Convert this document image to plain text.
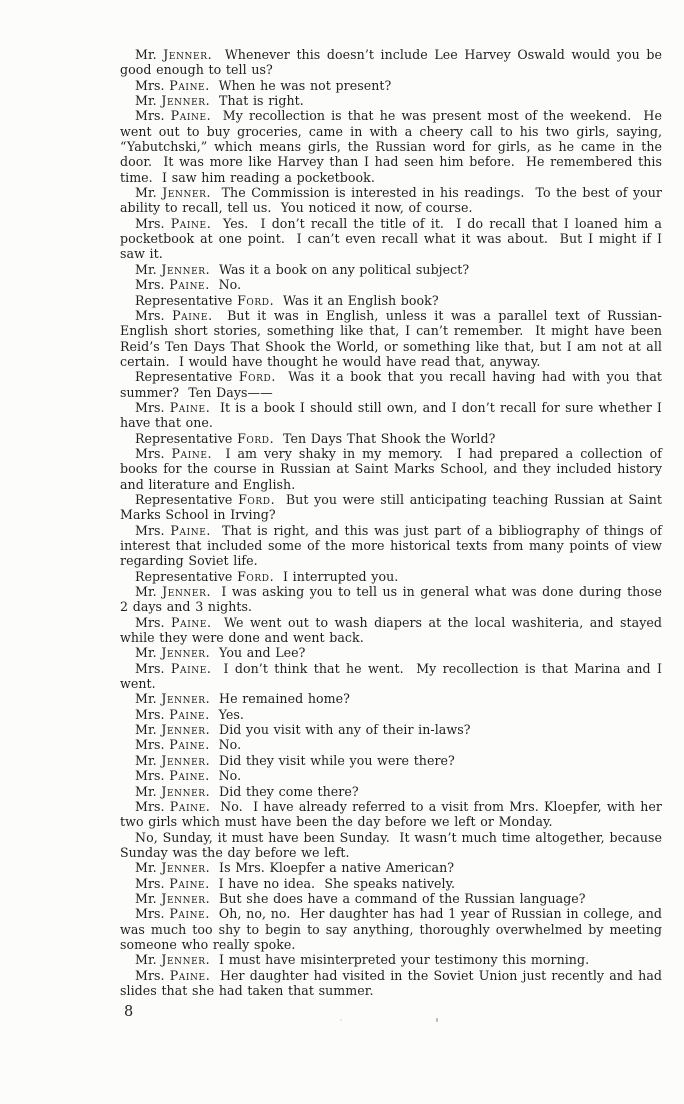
Mr. Jenner.  Whenever this doesn’t include Lee Harvey Oswald would you be good enough to tell us?

Mrs. Paine.  When he was not present?

Mr. Jenner.  That is right.

Mrs. Paine.  My recollection is that he was present most of the weekend.  He went out to buy groceries, came in with a cheery call to his two girls, saying, “Yabutchski,” which means girls, the Russian word for girls, as he came in the door.  It was more like Harvey than I had seen him before.  He remembered this time.  I saw him reading a pocketbook.

Mr. Jenner.  The Commission is interested in his readings.  To the best of your ability to recall, tell us.  You noticed it now, of course.

Mrs. Paine.  Yes.  I don’t recall the title of it.  I do recall that I loaned him a pocketbook at one point.  I can’t even recall what it was about.  But I might if I saw it.

Mr. Jenner.  Was it a book on any political subject?

Mrs. Paine.  No.

Representative Ford.  Was it an English book?

Mrs. Paine.  But it was in English, unless it was a parallel text of Russian-English short stories, something like that, I can’t remember.  It might have been Reid’s Ten Days That Shook the World, or something like that, but I am not at all certain.  I would have thought he would have read that, anyway.

Representative Ford.  Was it a book that you recall having had with you that summer?  Ten Days——

Mrs. Paine.  It is a book I should still own, and I don’t recall for sure whether I have that one.

Representative Ford.  Ten Days That Shook the World?

Mrs. Paine.  I am very shaky in my memory.  I had prepared a collection of books for the course in Russian at Saint Marks School, and they included history and literature and English.

Representative Ford.  But you were still anticipating teaching Russian at Saint Marks School in Irving?

Mrs. Paine.  That is right, and this was just part of a bibliography of things of interest that included some of the more historical texts from many points of view regarding Soviet life.

Representative Ford.  I interrupted you.

Mr. Jenner.  I was asking you to tell us in general what was done during those 2 days and 3 nights.

Mrs. Paine.  We went out to wash diapers at the local washiteria, and stayed while they were done and went back.

Mr. Jenner.  You and Lee?

Mrs. Paine.  I don’t think that he went.  My recollection is that Marina and I went.

Mr. Jenner.  He remained home?

Mrs. Paine.  Yes.

Mr. Jenner.  Did you visit with any of their in-laws?

Mrs. Paine.  No.

Mr. Jenner.  Did they visit while you were there?

Mrs. Paine.  No.

Mr. Jenner.  Did they come there?

Mrs. Paine.  No.  I have already referred to a visit from Mrs. Kloepfer, with her two girls which must have been the day before we left or Monday.

No, Sunday, it must have been Sunday.  It wasn’t much time altogether, because Sunday was the day before we left.

Mr. Jenner.  Is Mrs. Kloepfer a native American?

Mrs. Paine.  I have no idea.  She speaks natively.

Mr. Jenner.  But she does have a command of the Russian language?

Mrs. Paine.  Oh, no, no.  Her daughter has had 1 year of Russian in college, and was much too shy to begin to say anything, thoroughly overwhelmed by meeting someone who really spoke.

Mr. Jenner.  I must have misinterpreted your testimony this morning.

Mrs. Paine.  Her daughter had visited in the Soviet Union just recently and had slides that she had taken that summer.

8
